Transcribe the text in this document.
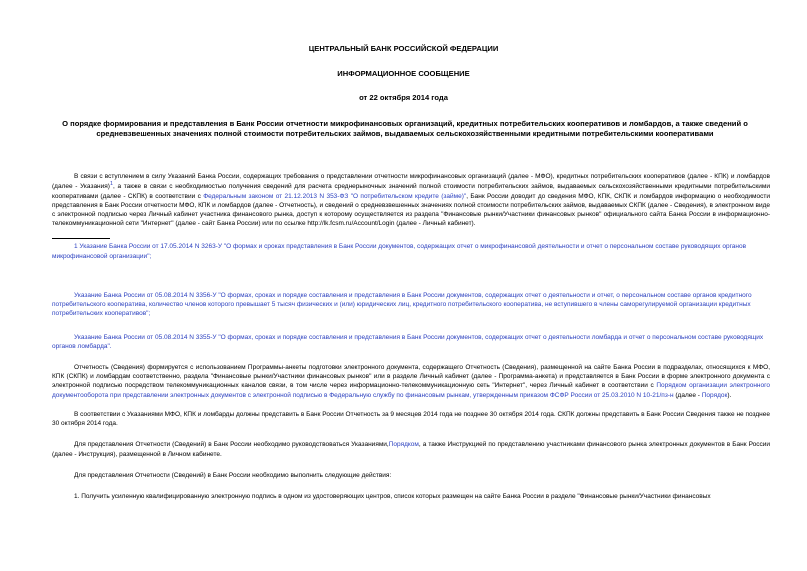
ЦЕНТРАЛЬНЫЙ БАНК РОССИЙСКОЙ ФЕДЕРАЦИИ
ИНФОРМАЦИОННОЕ СООБЩЕНИЕ
от 22 октября 2014 года
О порядке формирования и представления в Банк России отчетности микрофинансовых организаций, кредитных потребительских кооперативов и ломбардов, а также сведений о средневзвешенных значениях полной стоимости потребительских займов, выдаваемых сельскохозяйственными кредитными потребительскими кооперативами

В связи с вступлением в силу Указаний Банка России, содержащих требования о представлении отчетности микрофинансовых организаций (далее - МФО), кредитных потребительских кооперативов (далее - КПК) и ломбардов (далее - Указания)$^1$, а также в связи с необходимостью получения сведений для расчета среднерыночных значений полной стоимости потребительских займов, выдаваемых сельскохозяйственными кредитными потребительскими кооперативами (далее - СКПК) в соответствии с Федеральным законом от 21.12.2013 N 353-ФЗ "О потребительском кредите (займе)", Банк России доводит до сведения МФО, КПК, СКПК и ломбардов информацию о необходимости представления в Банк России отчетности МФО, КПК и ломбардов (далее - Отчетность), и сведений о средневзвешенных значениях полной стоимости потребительских займов, выдаваемых СКПК (далее - Сведения), в электронном виде с электронной подписью через Личный кабинет участника финансового рынка, доступ к которому осуществляется из раздела "Финансовые рынки/Участники финансовых рынков" официального сайта Банка России в информационно-телекоммуникационной сети "Интернет" (далее - сайт Банка России) или по ссылке http://lk.fcsm.ru/Account/Login (далее - Личный кабинет).

1 Указание Банка России от 17.05.2014 N 3263-У "О формах и сроках представления в Банк России документов, содержащих отчет о микрофинансовой деятельности и отчет о персональном составе руководящих органов микрофинансовой организации";

Указание Банка России от 05.08.2014 N 3356-У "О формах, сроках и порядке составления и представления в Банк России документов, содержащих отчет о деятельности и отчет, о персональном составе органов кредитного потребительского кооператива, количество членов которого превышает 5 тысяч физических и (или) юридических лиц, кредитного потребительского кооператива, не вступившего в члены саморегулируемой организации кредитных потребительских кооперативов";

Указание Банка России от 05.08.2014 N 3355-У "О формах, сроках и порядке составления и представления в Банк России документов, содержащих отчет о деятельности ломбарда и отчет о персональном составе руководящих органов ломбарда".

Отчетность (Сведения) формируется с использованием Программы-анкеты подготовки электронного документа, содержащего Отчетность (Сведения), размещенной на сайте Банка России в подразделах, относящихся к МФО, КПК (СКПК) и ломбардам соответственно, раздела "Финансовые рынки/Участники финансовых рынков" или в разделе Личный кабинет (далее - Программа-анкета) и представляется в Банк России в форме электронного документа с электронной подписью посредством телекоммуникационных каналов связи, в том числе через информационно-телекоммуникационную сеть "Интернет", через Личный кабинет в соответствии с Порядком организации электронного документооборота при представлении электронных документов с электронной подписью в Федеральную службу по финансовым рынкам, утвержденным приказом ФСФР России от 25.03.2010 N 10-21/пз-н (далее - Порядок).

В соответствии с Указаниями МФО, КПК и ломбарды должны представить в Банк России Отчетность за 9 месяцев 2014 года не позднее 30 октября 2014 года. СКПК должны представить в Банк России Сведения также не позднее 30 октября 2014 года.

Для представления Отчетности (Сведений) в Банк России необходимо руководствоваться Указаниями,Порядком, а также Инструкцией по представлению участниками финансового рынка электронных документов в Банк России (далее - Инструкция), размещенной в Личном кабинете.

Для представления Отчетности (Сведений) в Банк России необходимо выполнить следующие действия:

1. Получить усиленную квалифицированную электронную подпись в одном из удостоверяющих центров, список которых размещен на сайте Банка России в разделе "Финансовые рынки/Участники финансовых
